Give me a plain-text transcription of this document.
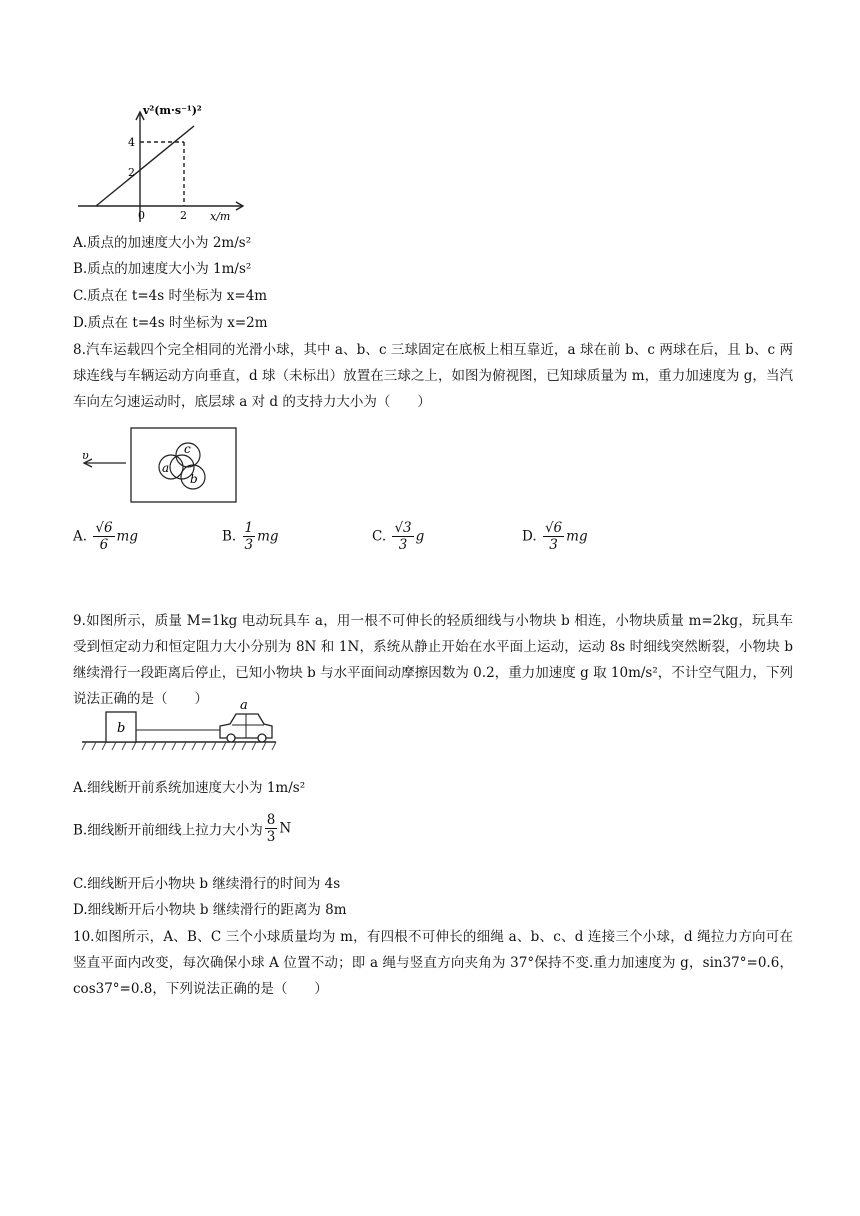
v²(m·s⁻¹)²
4
2
0	2 x/m
A.质点的加速度大小为 2m/s²
B.质点的加速度大小为 1m/s²
C.质点在 t=4s 时坐标为 x=4m
D.质点在 t=4s 时坐标为 x=2m
8.汽车运载四个完全相同的光滑小球，其中 a、b、c 三球固定在底板上相互靠近，a 球在前 b、c 两球在后，且 b、c 两球连线与车辆运动方向垂直，d 球（未标出）放置在三球之上，如图为俯视图，已知球质量为 m，重力加速度为 g，当汽车向左匀速运动时，底层球 a 对 d 的支持力大小为（　　）
υ
a
c
b
A. $\frac{√6}{6}$ mg	B. $\frac{1}{3}$ mg	C. $\frac{√3}{3}$ g	D. $\frac{√6}{3}$ mg
9.如图所示，质量 M=1kg 电动玩具车 a，用一根不可伸长的轻质细线与小物块 b 相连，小物块质量 m=2kg，玩具车受到恒定动力和恒定阻力大小分别为 8N 和 1N，系统从静止开始在水平面上运动，运动 8s 时细线突然断裂，小物块 b 继续滑行一段距离后停止，已知小物块 b 与水平面间动摩擦因数为 0.2，重力加速度 g 取 10m/s²，不计空气阻力，下列说法正确的是（　　）
b
a
A.细线断开前系统加速度大小为 1m/s²
B.细线断开前细线上拉力大小为 $\frac{8}{3}$ N
C.细线断开后小物块 b 继续滑行的时间为 4s
D.细线断开后小物块 b 继续滑行的距离为 8m
10.如图所示，A、B、C 三个小球质量均为 m，有四根不可伸长的细绳 a、b、c、d 连接三个小球，d 绳拉力方向可在竖直平面内改变，每次确保小球 A 位置不动；即 a 绳与竖直方向夹角为 37°保持不变.重力加速度为 g，sin37°=0.6，cos37°=0.8，下列说法正确的是（　　）
